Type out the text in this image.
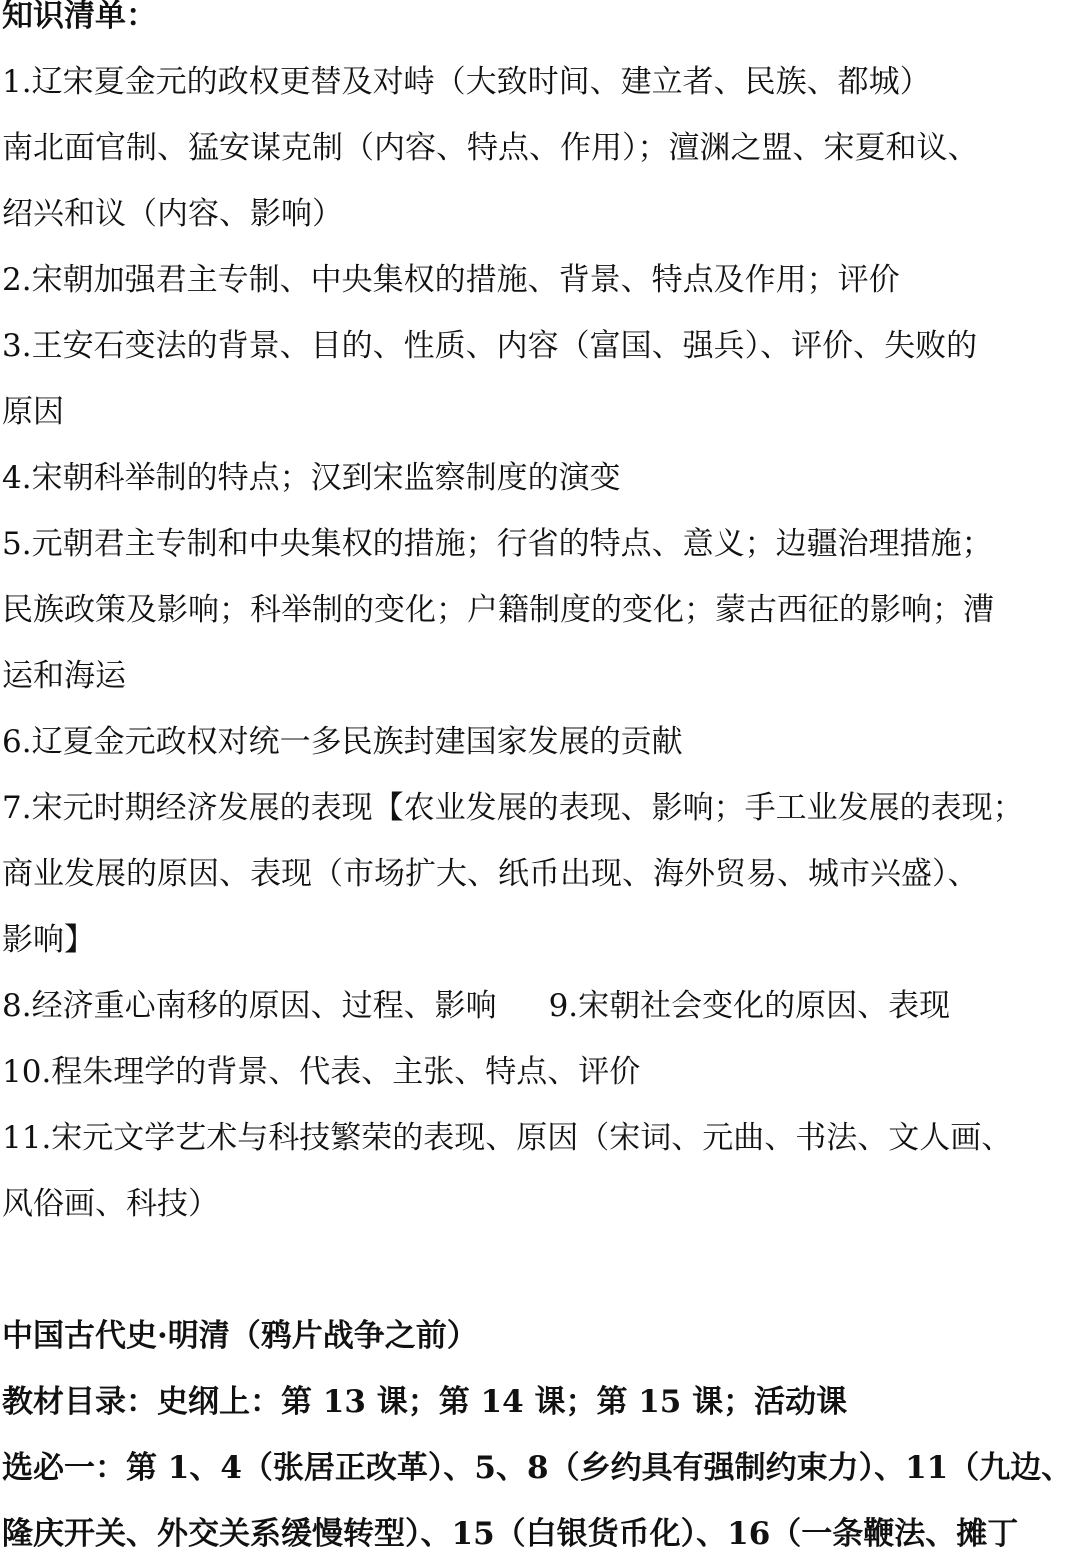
知识清单：
1.辽宋夏金元的政权更替及对峙（大致时间、建立者、民族、都城）
南北面官制、猛安谋克制（内容、特点、作用）；澶渊之盟、宋夏和议、
绍兴和议（内容、影响）
2.宋朝加强君主专制、中央集权的措施、背景、特点及作用；评价
3.王安石变法的背景、目的、性质、内容（富国、强兵）、评价、失败的
原因
4.宋朝科举制的特点；汉到宋监察制度的演变
5.元朝君主专制和中央集权的措施；行省的特点、意义；边疆治理措施；
民族政策及影响；科举制的变化；户籍制度的变化；蒙古西征的影响；漕
运和海运
6.辽夏金元政权对统一多民族封建国家发展的贡献
7.宋元时期经济发展的表现【农业发展的表现、影响；手工业发展的表现；
商业发展的原因、表现（市场扩大、纸币出现、海外贸易、城市兴盛）、
影响】
8.经济重心南移的原因、过程、影响 9.宋朝社会变化的原因、表现
10.程朱理学的背景、代表、主张、特点、评价
11.宋元文学艺术与科技繁荣的表现、原因（宋词、元曲、书法、文人画、
风俗画、科技）
中国古代史·明清（鸦片战争之前）
教材目录：史纲上：第 13 课；第 14 课；第 15 课；活动课
选必一：第 1、4（张居正改革）、5、8（乡约具有强制约束力）、11（九边、
隆庆开关、外交关系缓慢转型）、15（白银货币化）、16（一条鞭法、摊丁
